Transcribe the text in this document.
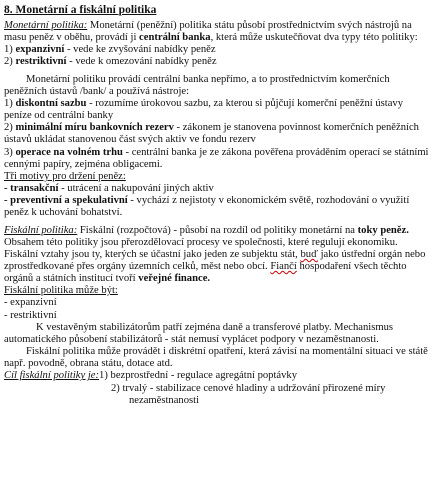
8. Monetární a fiskální politika

Monetární politika: Monetární (peněžní) politika státu působí prostřednictvím svých nástrojů na masu peněz v oběhu, provádí ji centrální banka, která může uskutečňovat dva typy této politiky:

1) expanzivní - vede ke zvyšování nabídky peněz

2) restriktivní - vede k omezování nabídky peněz

Monetární politiku provádí centrální banka nepřímo, a to prostřednictvím komerčních peněžních ústavů /bank/ a používá nástroje:

1) diskontní sazbu - rozumíme úrokovou sazbu, za kterou si půjčují komerční peněžní ústavy peníze od centrální banky

2) minimální míru bankovních rezerv - zákonem je stanovena povinnost komerčních peněžních ústavů ukládat stanovenou část svých aktiv ve fondu rezerv

3) operace na volném trhu - centrální banka je ze zákona pověřena prováděním operací se státními cennými papíry, zejména obligacemi.

Tři motivy pro držení peněz:

- transakční - utrácení a nakupování jiných aktiv

- preventivní a spekulativní - vychází z nejistoty v ekonomickém světě, rozhodování o využití peněz k uchování bohatství.

Fiskální politika: Fiskální (rozpočtová) - působí na rozdíl od politiky monetární na toky peněz. Obsahem této politiky jsou přerozdělovací procesy ve společnosti, které regulují ekonomiku. Fiskální vztahy jsou ty, kterých se účastní jako jeden ze subjektu stát, buď jako ústřední orgán nebo zprostředkované přes orgány územních celků, měst nebo obcí. Fiančí hospodaření všech těchto orgánů a státních institucí tvoří veřejné finance.

Fiskální politika může být:

- expanzivní

- restriktivní

K vestavěným stabilizátorům patří zejména daně a transferové platby. Mechanismus automatického působení stabilizátorů - stát nemusí vyplácet podpory v nezaměstnanosti.

Fiskální politika může provádět i diskrétní opatření, která závisí na momentální situaci ve státě např. povodně, obrana státu, dotace atd.

Cíl fiskální politiky je: 1) bezprostřední - regulace agregátní poptávky

2) trvalý - stabilizace cenové hladiny a udržování přirozené míry

nezaměstnanosti
